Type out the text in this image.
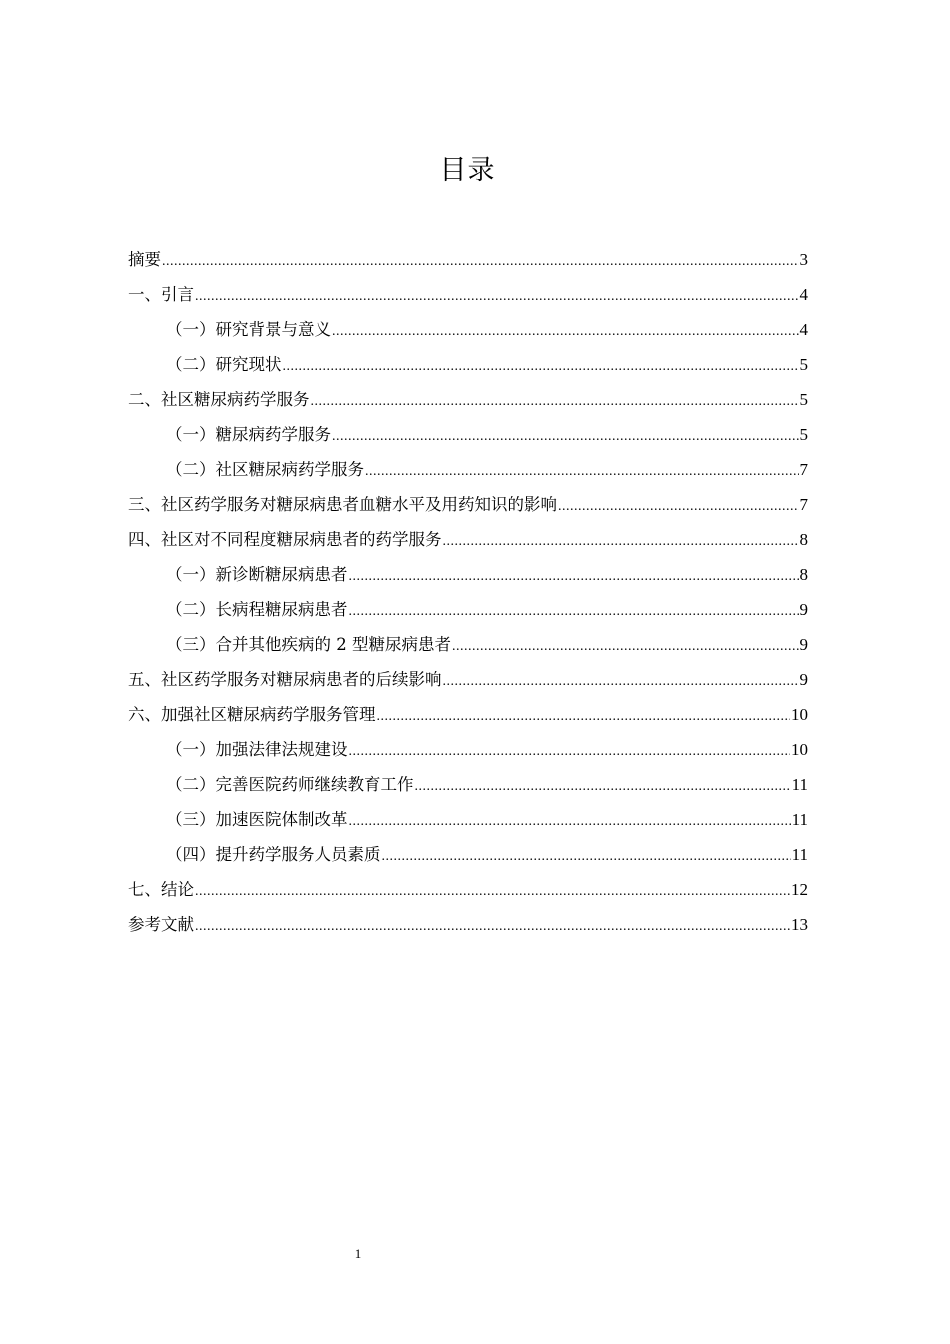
目录
摘要 .....	3
一、引言 .....	4
（一）研究背景与意义 .....	4
（二）研究现状 .....	5
二、社区糖尿病药学服务 .....	5
（一）糖尿病药学服务 .....	5
（二）社区糖尿病药学服务 .....	7
三、社区药学服务对糖尿病患者血糖水平及用药知识的影响 .....	7
四、社区对不同程度糖尿病患者的药学服务 .....	8
（一）新诊断糖尿病患者 .....	8
（二）长病程糖尿病患者 .....	9
（三）合并其他疾病的 2 型糖尿病患者 .....	9
五、社区药学服务对糖尿病患者的后续影响 .....	9
六、加强社区糖尿病药学服务管理 .....	10
（一）加强法律法规建设 .....	10
（二）完善医院药师继续教育工作 .....	11
（三）加速医院体制改革 .....	11
（四）提升药学服务人员素质 .....	11
七、结论 .....	12
参考文献 .....	13
1
